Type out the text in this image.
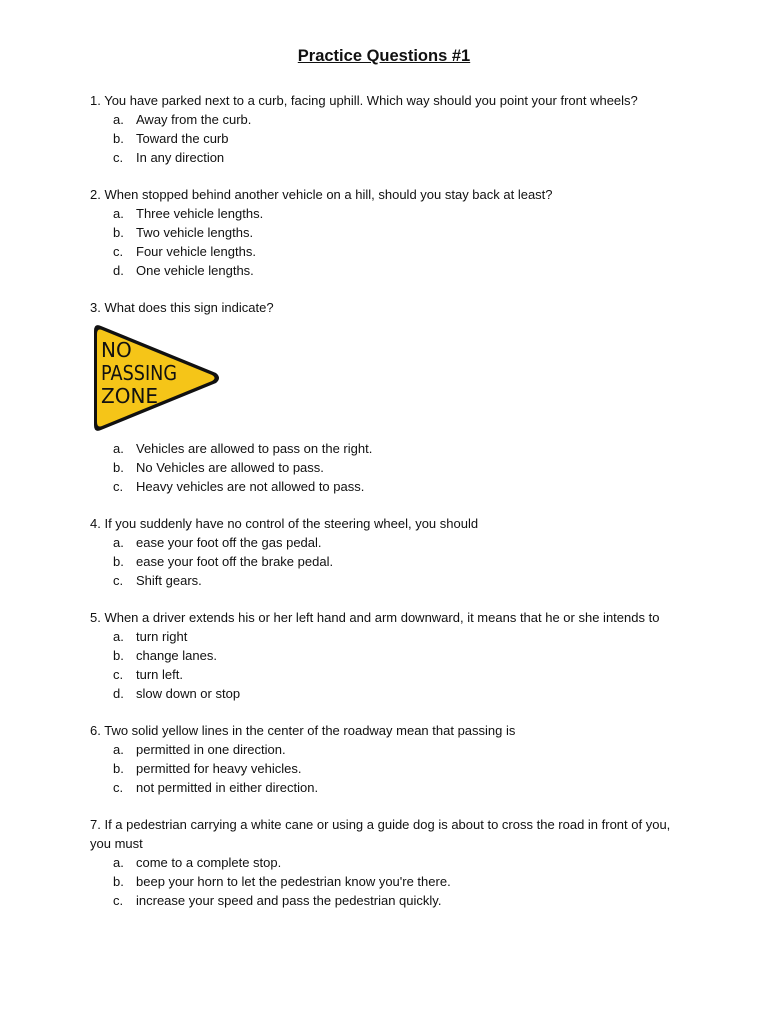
Practice Questions #1

1. You have parked next to a curb, facing uphill. Which way should you point your front wheels?

a. Away from the curb.
b. Toward the curb
c. In any direction

2. When stopped behind another vehicle on a hill, should you stay back at least?

a. Three vehicle lengths.
b. Two vehicle lengths.
c. Four vehicle lengths.
d. One vehicle lengths.

3. What does this sign indicate?

NO
PASSING
ZONE
a. Vehicles are allowed to pass on the right.
b. No Vehicles are allowed to pass.
c. Heavy vehicles are not allowed to pass.

4. If you suddenly have no control of the steering wheel, you should

a. ease your foot off the gas pedal.
b. ease your foot off the brake pedal.
c. Shift gears.

5. When a driver extends his or her left hand and arm downward, it means that he or she intends to

a. turn right
b. change lanes.
c. turn left.
d. slow down or stop

6. Two solid yellow lines in the center of the roadway mean that passing is

a. permitted in one direction.
b. permitted for heavy vehicles.
c. not permitted in either direction.

7. If a pedestrian carrying a white cane or using a guide dog is about to cross the road in front of you, you must

a. come to a complete stop.
b. beep your horn to let the pedestrian know you're there.
c. increase your speed and pass the pedestrian quickly.
